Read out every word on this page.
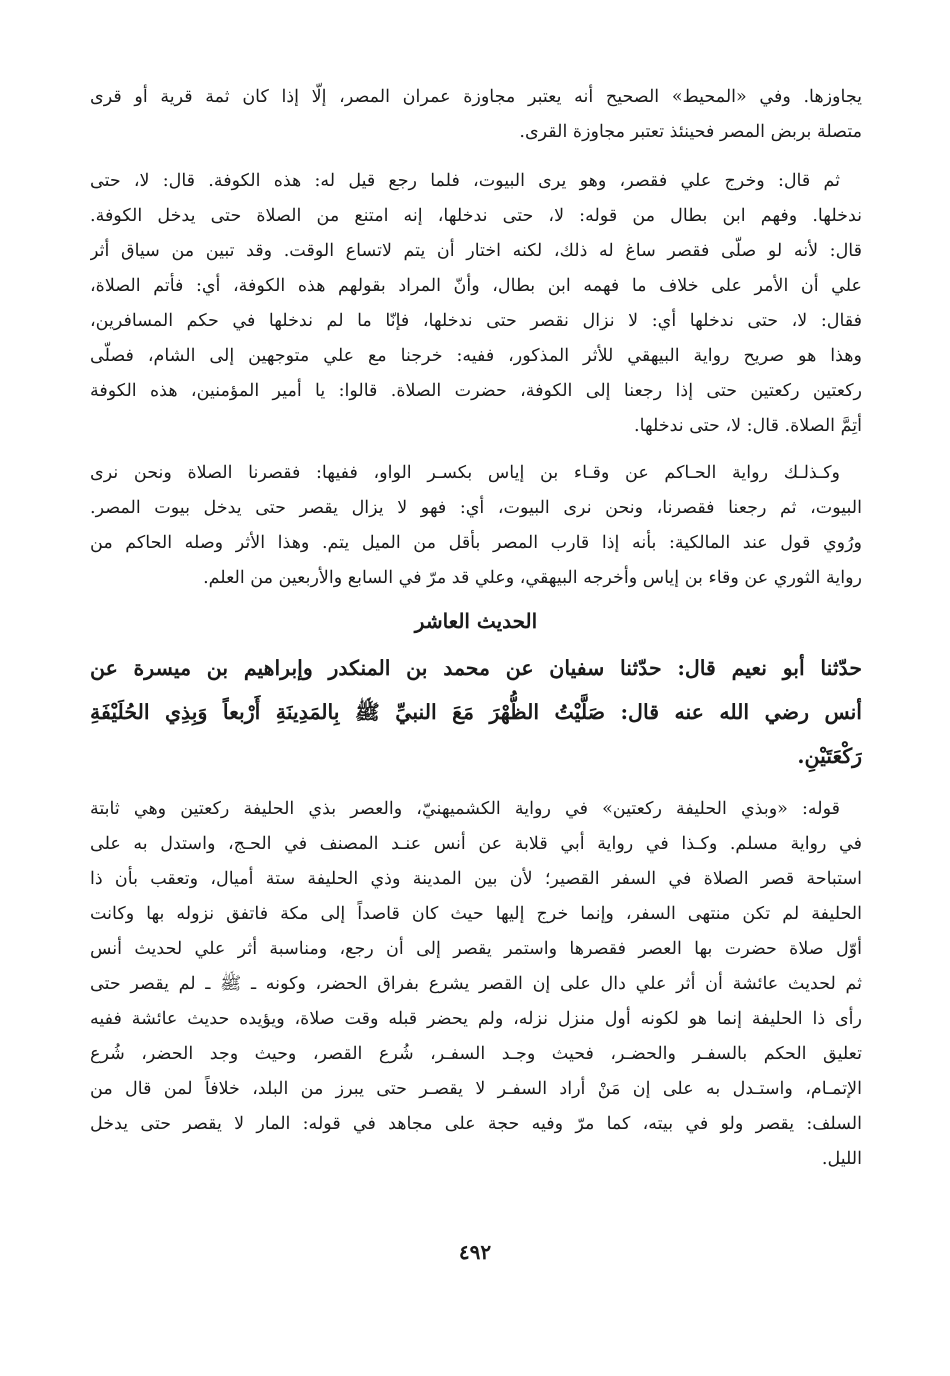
يجاوزها. وفي «المحيط» الصحيح أنه يعتبر مجاوزة عمران المصر، إلّا إذا كان ثمة قرية أو قرى
متصلة بربض المصر فحينئذ تعتبر مجاوزة القرى.
ثم قال: وخرج علي فقصر، وهو يرى البيوت، فلما رجع قيل له: هذه الكوفة. قال: لا، حتى
ندخلها. وفهم ابن بطال من قوله: لا، حتى ندخلها، إنه امتنع من الصلاة حتى يدخل الكوفة.
قال: لأنه لو صلّى فقصر ساغ له ذلك، لكنه اختار أن يتم لاتساع الوقت. وقد تبين من سياق أثر
علي أن الأمر على خلاف ما فهمه ابن بطال، وأنّ المراد بقولهم هذه الكوفة، أي: فأتم الصلاة،
فقال: لا، حتى ندخلها أي: لا نزال نقصر حتى ندخلها، فإنّا ما لم ندخلها في حكم المسافرين،
وهذا هو صريح رواية البيهقي للأثر المذكور، ففيه: خرجنا مع علي متوجهين إلى الشام، فصلّى
ركعتين ركعتين حتى إذا رجعنا إلى الكوفة، حضرت الصلاة. قالوا: يا أمير المؤمنين، هذه الكوفة
أتِمَّ الصلاة. قال: لا، حتى ندخلها.
وكـذلـك رواية الحـاكم عن وقـاء بن إياس بكسـر الواو، ففيها: فقصرنا الصلاة ونحن نرى
البيوت، ثم رجعنا فقصرنا، ونحن نرى البيوت، أي: فهو لا يزال يقصر حتى يدخل بيوت المصر.
ورُوي قول عند المالكية: بأنه إذا قارب المصر بأقل من الميل يتم. وهذا الأثر وصله الحاكم من
رواية الثوري عن وقاء بن إياس وأخرجه البيهقي، وعلي قد مرّ في السابع والأربعين من العلم.
الحديث العاشر
حدّثنا أبو نعيم قال: حدّثنا سفيان عن محمد بن المنكدر وإبراهيم بن ميسرة عن
أنس رضي الله عنه قال: صَلَّيْتُ الظُّهْرَ مَعَ النبيِّ ﷺ بِالمَدِينَةِ أَرْبعاً وَبِذِي الحُلَيْفَةِ
رَكْعَتَيْنِ.
قوله: «وبذي الحليفة ركعتين» في رواية الكشميهنيّ، والعصر بذي الحليفة ركعتين وهي ثابتة
في رواية مسلم. وكـذا في رواية أبي قلابة عن أنس عنـد المصنف في الحـج، واستدل به على
استباحة قصر الصلاة في السفر القصير؛ لأن بين المدينة وذي الحليفة ستة أميال، وتعقب بأن ذا
الحليفة لم تكن منتهى السفر، وإنما خرج إليها حيث كان قاصداً إلى مكة فاتفق نزوله بها وكانت
أوّل صلاة حضرت بها العصر فقصرها واستمر يقصر إلى أن رجع، ومناسبة أثر علي لحديث أنس
ثم لحديث عائشة أن أثر علي دال على إن القصر يشرع بفراق الحضر، وكونه ـ ﷺ ـ لم يقصر حتى
رأى ذا الحليفة إنما هو لكونه أول منزل نزله، ولم يحضر قبله وقت صلاة، ويؤيده حديث عائشة ففيه
تعليق الحكم بالسفـر والحضـر، فحيث وجـد السفـر، شُرع القصر، وحيث وجد الحضر، شُرع
الإتمـام، واستـدل به على إن مَنْ أراد السفـر لا يقصـر حتى يبرز من البلد، خلافاً لمن قال من
السلف: يقصر ولو في بيته، كما مرّ وفيه حجة على مجاهد في قوله: المار لا يقصر حتى يدخل
الليل.
٤٩٢
